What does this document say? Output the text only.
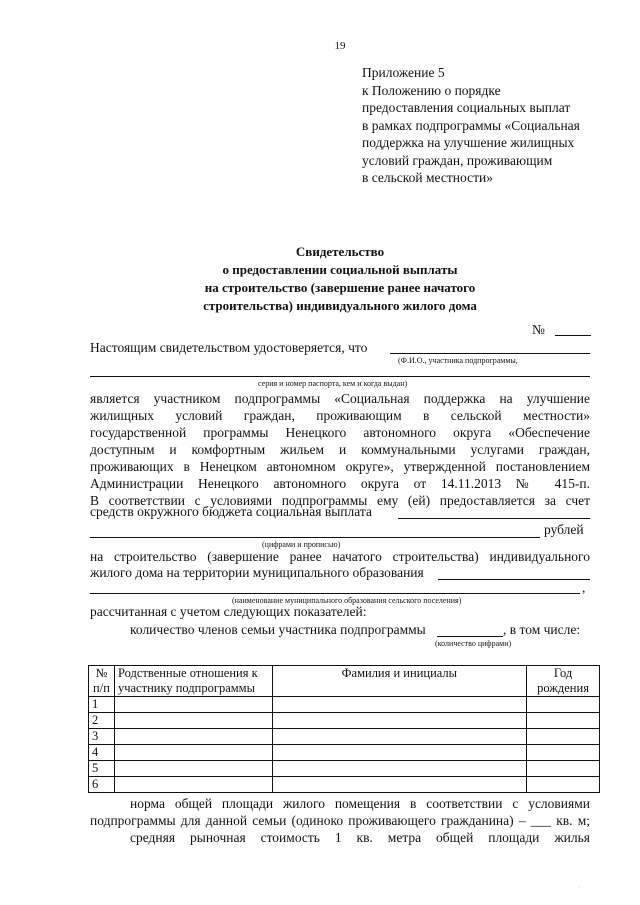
19
Приложение 5
к Положению о порядке
предоставления социальных выплат
в рамках подпрограммы «Социальная
поддержка на улучшение жилищных
условий граждан, проживающим
в сельской местности»
Свидетельство
о предоставлении социальной выплаты
на строительство (завершение ранее начатого
строительства) индивидуального жилого дома
№
Настоящим свидетельством удостоверяется, что
(Ф.И.О., участника подпрограммы,
серия и номер паспорта, кем и когда выдан)
является участником подпрограммы «Социальная поддержка на улучшение
жилищных условий граждан, проживающим в сельской местности»
государственной программы Ненецкого автономного округа «Обеспечение
доступным и комфортным жильем и коммунальными услугами граждан,
проживающих в Ненецком автономном округе», утвержденной постановлением
Администрации Ненецкого автономного округа от 14.11.2013 № 415-п.
В соответствии с условиями подпрограммы ему (ей) предоставляется за счет
средств окружного бюджета социальная выплата
рублей
(цифрами и прописью)
на строительство (завершение ранее начатого строительства) индивидуального
жилого дома на территории муниципального образования
,
(наименование муниципального образования сельского поселения)
рассчитанная с учетом следующих показателей:
количество членов семьи участника подпрограммы	, в том числе:
(количество цифрами)
№ п/п	Родственные отношения к участнику подпрограммы	Фамилия и инициалы	Год рождения
1			
2			
3			
4			
5			
6			
норма общей площади жилого помещения в соответствии с условиями
подпрограммы для данной семьи (одиноко проживающего гражданина) – ___ кв. м;
средняя рыночная стоимость 1 кв. метра общей площади жилья
·
